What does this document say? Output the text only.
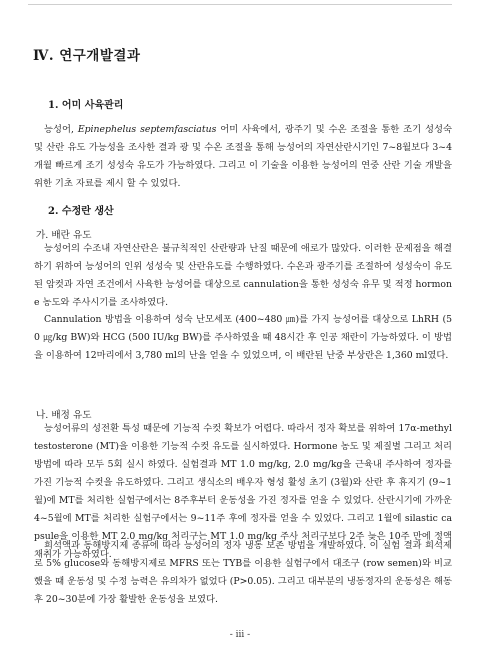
Ⅳ. 연구개발결과
1. 어미 사육관리

능성어, Epinephelus septemfasciatus 어미 사육에서, 광주기 및 수온 조절을 통한 조기 성성숙 및 산란 유도 가능성을 조사한 결과 광 및 수온 조절을 통해 능성어의 자연산란시기인 7~8월보다 3~4개월 빠르게 조기 성성숙 유도가 가능하였다. 그리고 이 기술을 이용한 능성어의 연중 산란 기술 개발을 위한 기초 자료를 제시 할 수 있었다.

2. 수정란 생산
가. 배란 유도

능성어의 수조내 자연산란은 불규칙적인 산란량과 난질 때문에 애로가 많았다. 이러한 문제점을 해결하기 위하여 능성어의 인위 성성숙 및 산란유도를 수행하였다. 수온과 광주기를 조절하여 성성숙이 유도된 암컷과 자연 조건에서 사육한 능성어를 대상으로 cannulation을 통한 성성숙 유무 및 적정 hormone 농도와 주사시기를 조사하였다.

Cannulation 방법을 이용하여 성숙 난모세포 (400~480 ㎛)를 가지 능성어를 대상으로 LhRH (50 ㎍/kg BW)와 HCG (500 IU/kg BW)를 주사하였을 때 48시간 후 인공 채란이 가능하였다. 이 방법을 이용하여 12마리에서 3,780 ml의 난을 얻을 수 있었으며, 이 배란된 난중 부상란은 1,360 ml였다.

나. 배정 유도

능성어류의 성전환 특성 때문에 기능적 수컷 확보가 어렵다. 따라서 정자 확보를 위하여 17α-methyltestosterone (MT)을 이용한 기능적 수컷 유도를 실시하였다. Hormone 농도 및 제질별 그리고 처리방법에 따라 모두 5회 실시 하였다. 실험결과 MT 1.0 mg/kg, 2.0 mg/kg을 근육내 주사하여 정자를 가진 기능적 수컷을 유도하였다. 그리고 생식소의 배우자 형성 활성 초기 (3월)와 산란 후 휴지기 (9~1월)에 MT를 처리한 실험구에서는 8주후부터 운동성을 가진 정자를 얻을 수 있었다. 산란시기에 가까운 4~5월에 MT를 처리한 실험구에서는 9~11주 후에 정자를 얻을 수 있었다. 그리고 1월에 silastic capsule을 이용한 MT 2.0 mg/kg 처리구는 MT 1.0 mg/kg 주사 처리구보다 2주 늦은 10주 만에 정액 채취가 가능하였다.

희석액과 동해방지제 종류에 따라 능성어의 정자 냉동 보존 방법을 개발하였다. 이 실험 결과 희석제로 5% glucose와 동해방지제로 MFRS 또는 TYB를 이용한 실험구에서 대조구 (row semen)와 비교했을 때 운동성 및 수정 능력은 유의차가 없었다 (P>0.05). 그리고 대부분의 냉동정자의 운동성은 해동 후 20~30분에 가장 활발한 운동성을 보였다.

- iii -
